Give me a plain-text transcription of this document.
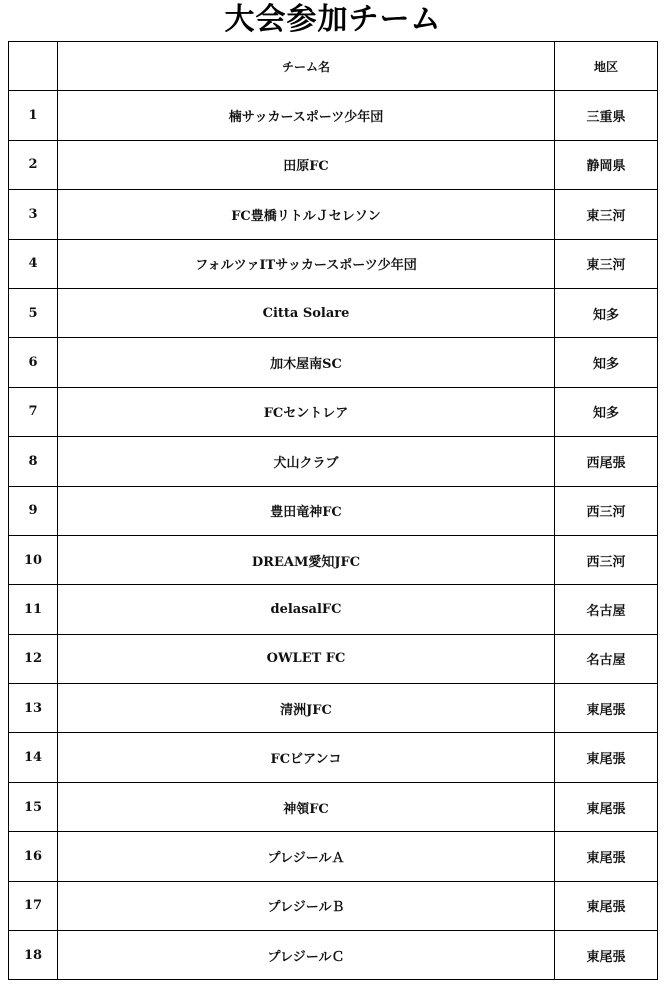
大会参加チーム
	チーム名	地区
1	楠サッカースポーツ少年団	三重県
2	田原FC	静岡県
3	FC豊橋リトルＪセレソン	東三河
4	フォルツァITサッカースポーツ少年団	東三河
5	Citta Solare	知多
6	加木屋南SC	知多
7	FCセントレア	知多
8	犬山クラブ	西尾張
9	豊田竜神FC	西三河
10	DREAM愛知JFC	西三河
11	delasalFC	名古屋
12	OWLET FC	名古屋
13	清洲JFC	東尾張
14	FCビアンコ	東尾張
15	神領FC	東尾張
16	プレジールＡ	東尾張
17	プレジールＢ	東尾張
18	プレジールＣ	東尾張
